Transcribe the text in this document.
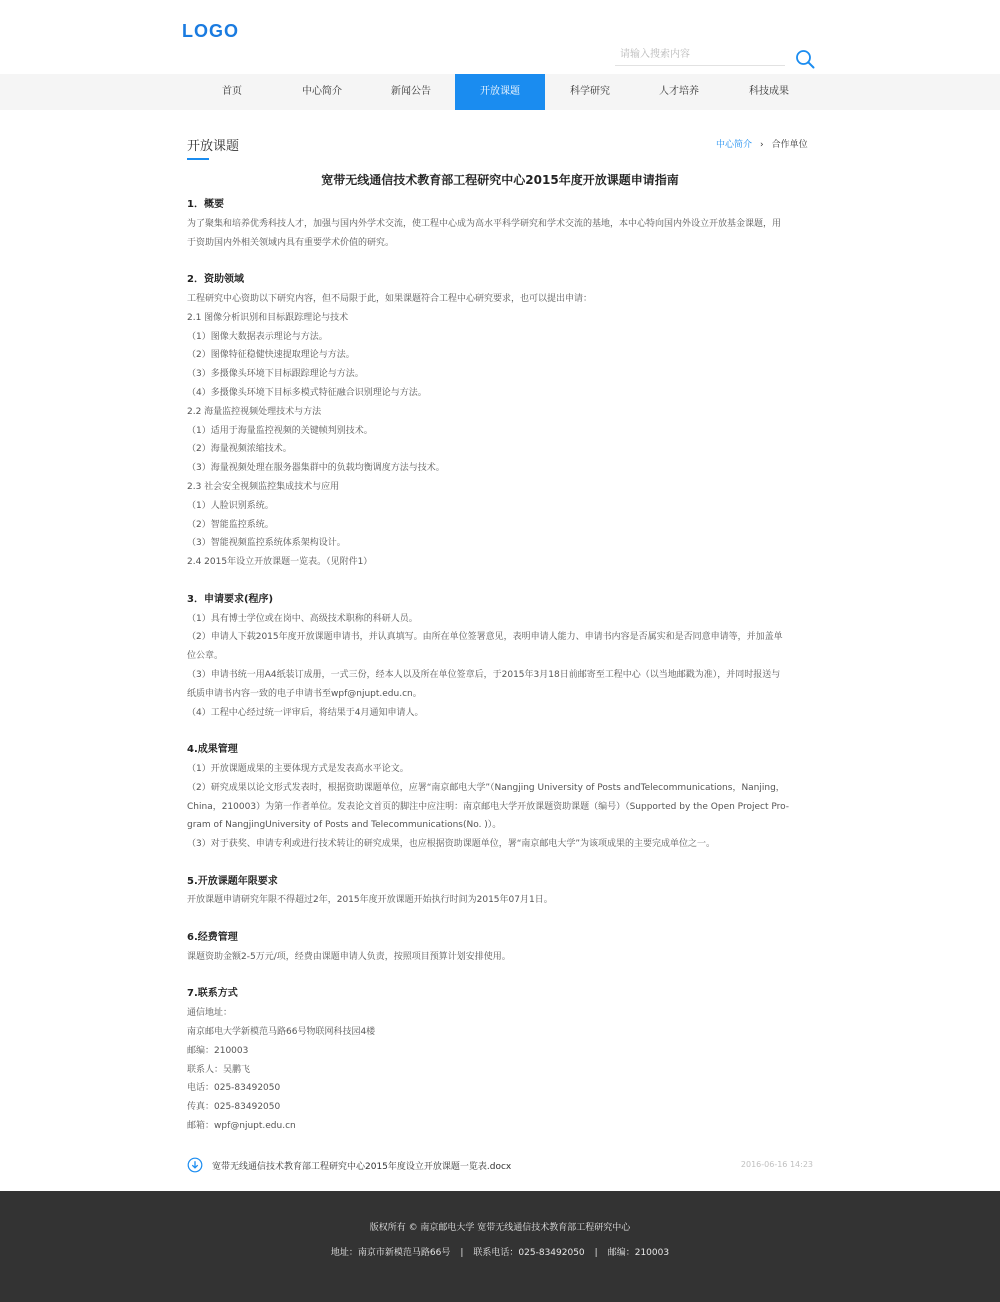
LOGO
请输入搜索内容
首页	中心简介	新闻公告	开放课题	科学研究	人才培养	科技成果
开放课题	中心简介 › 合作单位
宽带无线通信技术教育部工程研究中心2015年度开放课题申请指南
1．概要
为了聚集和培养优秀科技人才，加强与国内外学术交流，使工程中心成为高水平科学研究和学术交流的基地，本中心特向国内外设立开放基金课题，用
于资助国内外相关领域内具有重要学术价值的研究。
2．资助领域
工程研究中心资助以下研究内容，但不局限于此，如果课题符合工程中心研究要求，也可以提出申请：
2.1 图像分析识别和目标跟踪理论与技术
（1）图像大数据表示理论与方法。
（2）图像特征稳健快速提取理论与方法。
（3）多摄像头环境下目标跟踪理论与方法。
（4）多摄像头环境下目标多模式特征融合识别理论与方法。
2.2 海量监控视频处理技术与方法
（1）适用于海量监控视频的关键帧判别技术。
（2）海量视频浓缩技术。
（3）海量视频处理在服务器集群中的负载均衡调度方法与技术。
2.3 社会安全视频监控集成技术与应用
（1）人脸识别系统。
（2）智能监控系统。
（3）智能视频监控系统体系架构设计。
2.4 2015年设立开放课题一览表。（见附件1）
3．申请要求(程序)
（1）具有博士学位或在岗中、高级技术职称的科研人员。
（2）申请人下载2015年度开放课题申请书，并认真填写。由所在单位签署意见，表明申请人能力、申请书内容是否属实和是否同意申请等，并加盖单
位公章。
（3）申请书统一用A4纸装订成册，一式三份，经本人以及所在单位签章后，于2015年3月18日前邮寄至工程中心（以当地邮戳为准），并同时报送与
纸质申请书内容一致的电子申请书至wpf@njupt.edu.cn。
（4）工程中心经过统一评审后，将结果于4月通知申请人。
4.成果管理
（1）开放课题成果的主要体现方式是发表高水平论文。
（2）研究成果以论文形式发表时，根据资助课题单位，应署“南京邮电大学”（Nangjing University of Posts andTelecommunications，Nanjing，
China，210003）为第一作者单位。发表论文首页的脚注中应注明：南京邮电大学开放课题资助课题（编号）（Supported by the Open Project Pro-
gram of NangjingUniversity of Posts and Telecommunications(No. )）。
（3）对于获奖、申请专利或进行技术转让的研究成果，也应根据资助课题单位，署“南京邮电大学”为该项成果的主要完成单位之一。
5.开放课题年限要求
开放课题申请研究年限不得超过2年，2015年度开放课题开始执行时间为2015年07月1日。
6.经费管理
课题资助金额2-5万元/项，经费由课题申请人负责，按照项目预算计划安排使用。
7.联系方式
通信地址：
南京邮电大学新模范马路66号物联网科技园4楼
邮编：210003
联系人：吴鹏飞
电话：025-83492050
传真：025-83492050
邮箱：wpf@njupt.edu.cn
宽带无线通信技术教育部工程研究中心2015年度设立开放课题一览表.docx	2016-06-16 14:23
版权所有 © 南京邮电大学 宽带无线通信技术教育部工程研究中心
地址：南京市新模范马路66号 | 联系电话：025-83492050 | 邮编：210003
